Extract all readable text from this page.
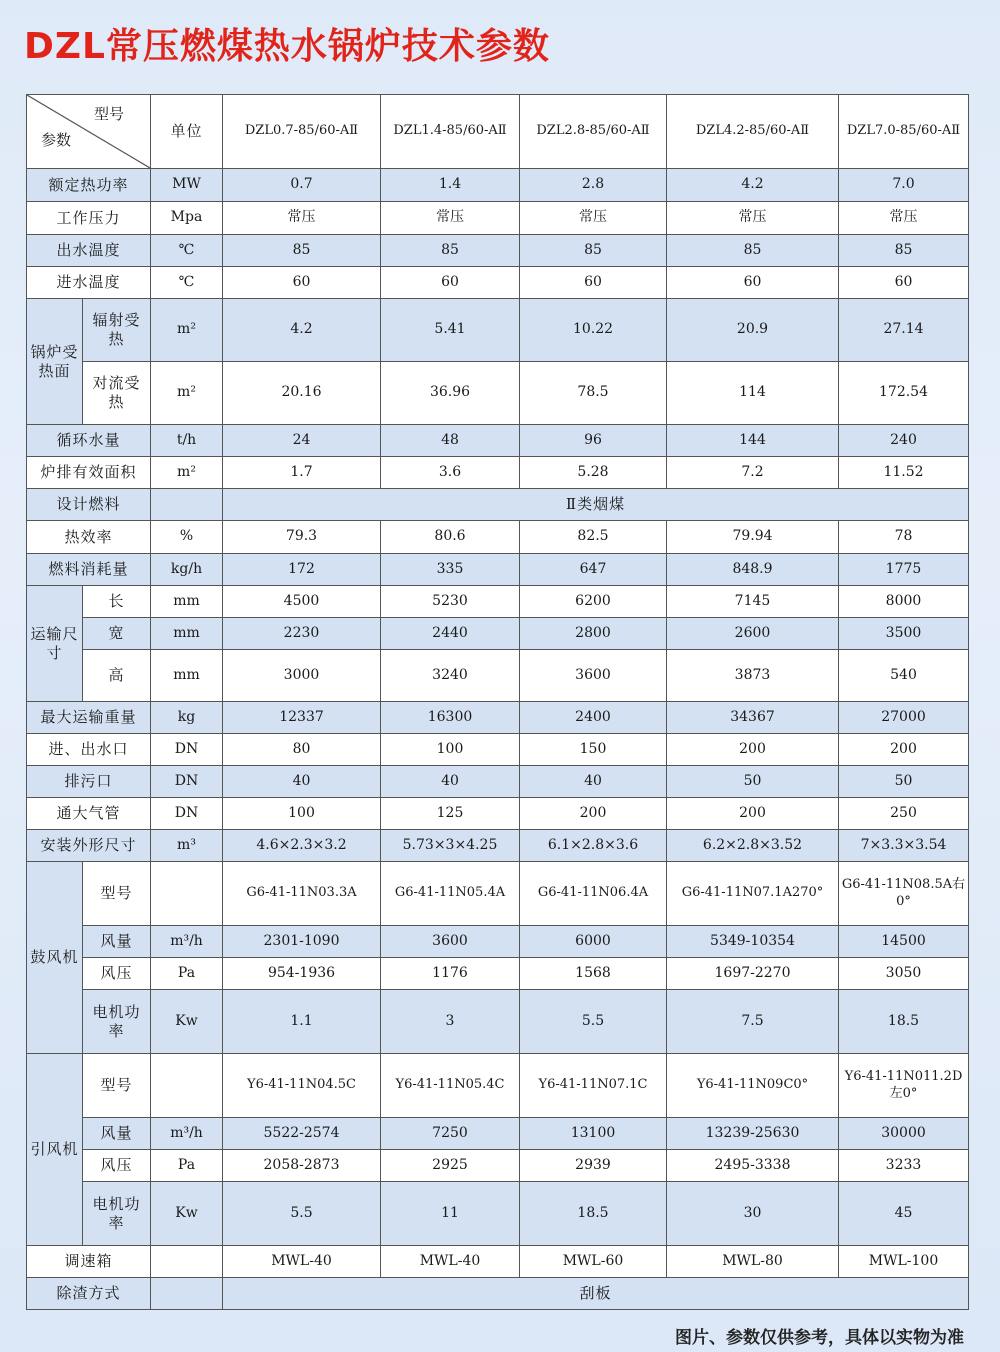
DZL常压燃煤热水锅炉技术参数
型号
参数		单位	DZL0.7-85/60-AⅡ	DZL1.4-85/60-AⅡ	DZL2.8-85/60-AⅡ	DZL4.2-85/60-AⅡ	DZL7.0-85/60-AⅡ
额定热功率		MW	0.7	1.4	2.8	4.2	7.0
工作压力		Mpa	常压	常压	常压	常压	常压
出水温度		℃	85	85	85	85	85
进水温度		℃	60	60	60	60	60
锅炉受热面	辐射受热	m²	4.2	5.41	10.22	20.9	27.14
	对流受热	m²	20.16	36.96	78.5	114	172.54
循环水量		t/h	24	48	96	144	240
炉排有效面积		m²	1.7	3.6	5.28	7.2	11.52
设计燃料			Ⅱ类烟煤				
热效率		%	79.3	80.6	82.5	79.94	78
燃料消耗量		kg/h	172	335	647	848.9	1775
运输尺寸	长	mm	4500	5230	6200	7145	8000
	宽	mm	2230	2440	2800	2600	3500
	高	mm	3000	3240	3600	3873	540
最大运输重量		kg	12337	16300	2400	34367	27000
进、出水口		DN	80	100	150	200	200
排污口		DN	40	40	40	50	50
通大气管		DN	100	125	200	200	250
安装外形尺寸		m³	4.6×2.3×3.2	5.73×3×4.25	6.1×2.8×3.6	6.2×2.8×3.52	7×3.3×3.54
鼓风机	型号		G6-41-11N03.3A	G6-41-11N05.4A	G6-41-11N06.4A	G6-41-11N07.1A270°	G6-41-11N08.5A右0°
	风量	m³/h	2301-1090	3600	6000	5349-10354	14500
	风压	Pa	954-1936	1176	1568	1697-2270	3050
	电机功率	Kw	1.1	3	5.5	7.5	18.5
引风机	型号		Y6-41-11N04.5C	Y6-41-11N05.4C	Y6-41-11N07.1C	Y6-41-11N09C0°	Y6-41-11N011.2D左0°
	风量	m³/h	5522-2574	7250	13100	13239-25630	30000
	风压	Pa	2058-2873	2925	2939	2495-3338	3233
	电机功率	Kw	5.5	11	18.5	30	45
调速箱			MWL-40	MWL-40	MWL-60	MWL-80	MWL-100
除渣方式			刮板				
图片、参数仅供参考，具体以实物为准
